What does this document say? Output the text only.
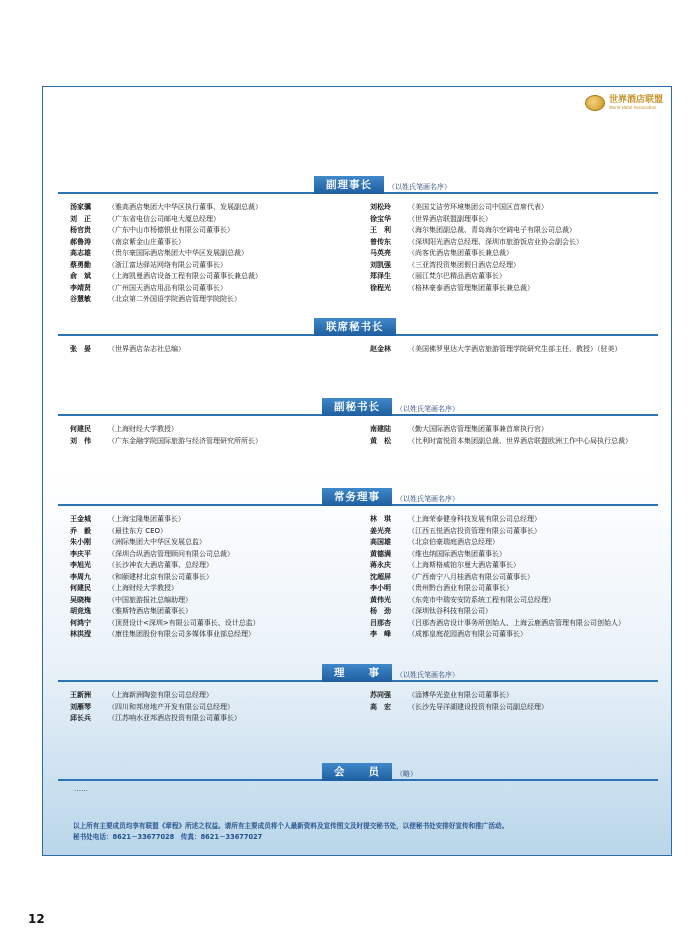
世界酒店联盟
World Hotel Association
副理事长	（以姓氏笔画名序）
汤家骥	（雅高酒店集团大中华区执行董事、发展副总裁）
刘　正	（广东省电信公司邮电大厦总经理）
杨官贵	（广东中山市杨德银业有限公司董事长）
郝鲁涛	（南京紫金山庄董事长）
高志雄	（贵尔豪国际酒店集团大中华区发展副总裁）
蔡勇勤	（浙江富达驿站网络有限公司董事长）
俞　斌	（上海凯曼酒店设备工程有限公司董事长兼总裁）
李靖贤	（广州国天酒店用品有限公司董事长）
谷慧敏	（北京第二外国语学院酒店管理学院院长）
刘松玲	（美国艾洁劳环境集团公司中国区首席代表）
徐宝华	（世界酒店联盟副理事长）
王　利	（海尔集团副总裁、青岛海尔空调电子有限公司总裁）
曾传东	（深圳阳光酒店总经理、深圳市旅游饭店业协会副会长）
马英亮	（尚客优酒店集团董事长兼总裁）
刘凯强	（三亚湾投资集团假日酒店总经理）
郑泽生	（丽江梵尔巴精品酒店董事长）
徐程光	（格林豪泰酒店管理集团董事长兼总裁）
联席秘书长
张　晏	（世界酒店杂志社总编）	赵金林	（美国佛罗里达大学酒店旅游管理学院研究生部主任、教授）（驻美）
副秘书长	（以姓氏笔画名序）
何建民	（上海财经大学教授）
刘　伟	（广东金融学院国际旅游与经济管理研究所所长）
南建陆	（勤大国际酒店管理集团董事兼首席执行官）
黄　松	（比利时富悦资本集团副总裁、世界酒店联盟欧洲工作中心局执行总裁）
常务理事	（以姓氏笔画名序）
王金城	（上海宝隆集团董事长）
乔　毅	（最佳东方 CEO）
朱小刚	（洲际集团大中华区发展总监）
李庆平	（深圳合纵酒店管理顾问有限公司总裁）
李旭光	（长沙神农大酒店董事、总经理）
李周九	（和颐建材北京有限公司董事长）
何建民	（上海财经大学教授）
吴晓梅	（中国旅游报社总编助理）
胡竞逸	（雅斯特酒店集团董事长）
何鸿宁	（顶贤设计<深圳>有限公司董事长、设计总监）
林洪滢	（康佳集团股份有限公司多媒体事业部总经理）
林　琪	（上海荣泰健身科技发展有限公司总经理）
姜光亮	（江西五悦酒店投资管理有限公司董事长）
高国雄	（北京伯豪瑞庭酒店总经理）
黄德满	（维也纳国际酒店集团董事长）
蒋永庆	（上海斯格威铂尔曼大酒店董事长）
沈超屏	（广西南宁八月桂酒店有限公司董事长）
李小明	（贵州黔台酒业有限公司董事长）
黄伟光	（东莞市中瑞安安防系统工程有限公司总经理）
杨　劲	（深圳钛谷科技有限公司）
吕那杏	（吕那杏酒店设计事务所创始人、上海云鹿酒店管理有限公司创始人）
李　峰	（成都皇庭花园酒店有限公司董事长）
理　　事	（以姓氏笔画名序）
王新洲	（上海新洲陶瓷有限公司总经理）
刘雁琴	（四川和邦房地产开发有限公司总经理）
邱长兵	（江苏响水亚邦酒店投资有限公司董事长）
苏同强	（淄博华光瓷业有限公司董事长）
高　宏	（长沙先导洋湖建设投资有限公司副总经理）
会　　员	（略）
……
以上所有主要成员均享有联盟《章程》所述之权益。请所有主要成员将个人最新资料及宣传图文及时提交秘书处，以便秘书处安排好宣传和推广活动。
秘书处电话：8621－33677028　传真：8621－33677027
12
